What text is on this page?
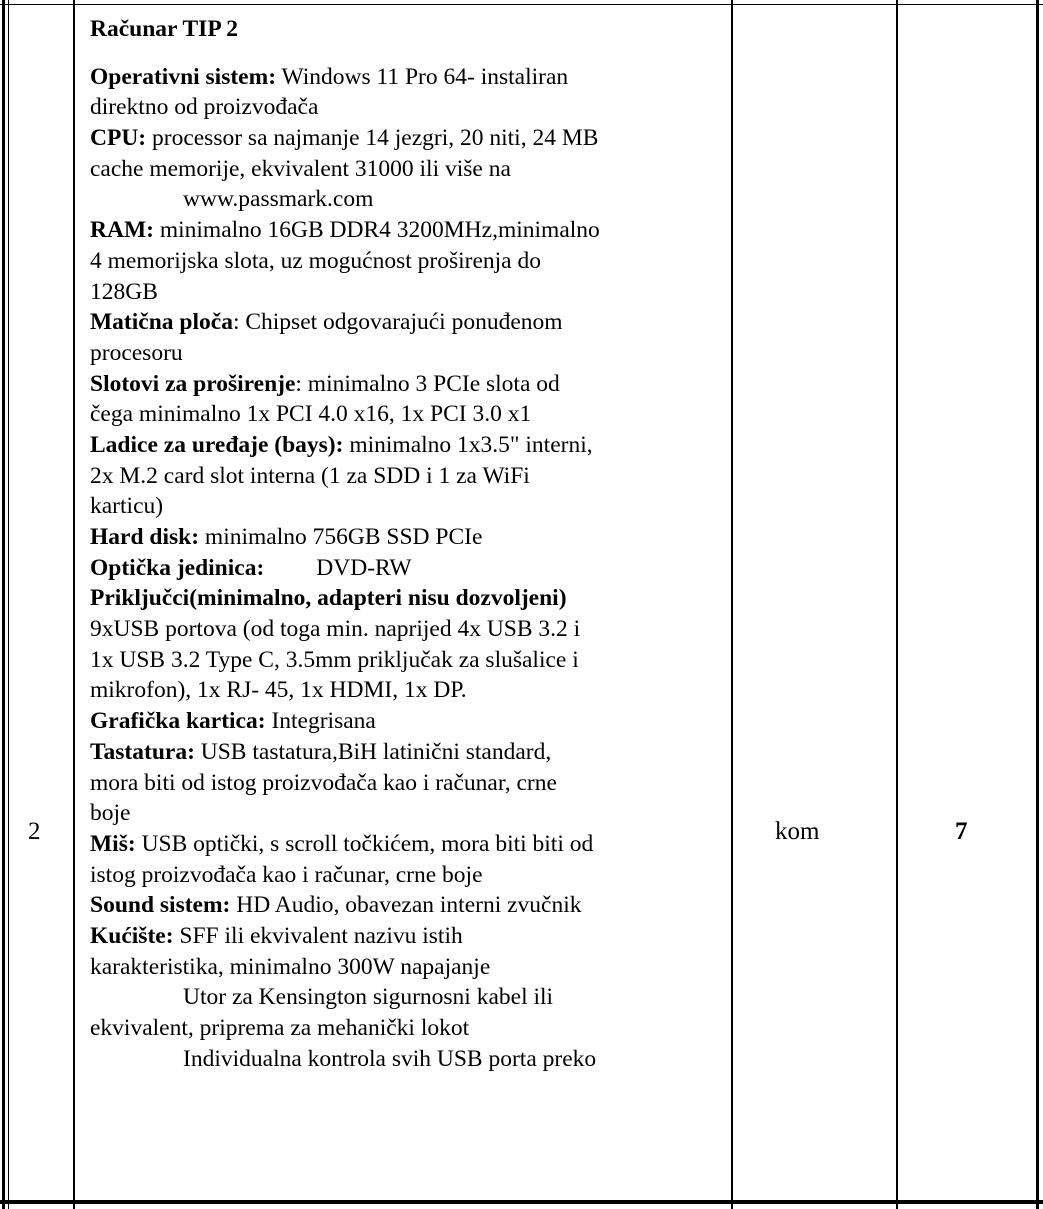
2	kom	7
Računar TIP 2
Operativni sistem: Windows 11 Pro 64- instaliran
direktno od proizvođača
CPU: processor sa najmanje 14 jezgri, 20 niti, 24 MB
cache memorije, ekvivalent 31000 ili više na
www.passmark.com
RAM: minimalno 16GB DDR4 3200MHz,minimalno
4 memorijska slota, uz mogućnost proširenja do
128GB
Matična ploča: Chipset odgovarajući ponuđenom
procesoru
Slotovi za proširenje: minimalno 3 PCIe slota od
čega minimalno 1x PCI 4.0 x16, 1x PCI 3.0 x1
Ladice za uređaje (bays): minimalno 1x3.5" interni,
2x M.2 card slot interna (1 za SDD i 1 za WiFi
karticu)
Hard disk: minimalno 756GB SSD PCIe
Optička jedinica: DVD-RW
Priključci(minimalno, adapteri nisu dozvoljeni)
9xUSB portova (od toga min. naprijed 4x USB 3.2 i
1x USB 3.2 Type C, 3.5mm priključak za slušalice i
mikrofon), 1x RJ- 45, 1x HDMI, 1x DP.
Grafička kartica: Integrisana
Tastatura: USB tastatura,BiH latinični standard,
mora biti od istog proizvođača kao i računar, crne
boje
Miš: USB optički, s scroll točkićem, mora biti biti od
istog proizvođača kao i računar, crne boje
Sound sistem: HD Audio, obavezan interni zvučnik
Kućište: SFF ili ekvivalent nazivu istih
karakteristika, minimalno 300W napajanje
Utor za Kensington sigurnosni kabel ili
ekvivalent, priprema za mehanički lokot
Individualna kontrola svih USB porta preko
